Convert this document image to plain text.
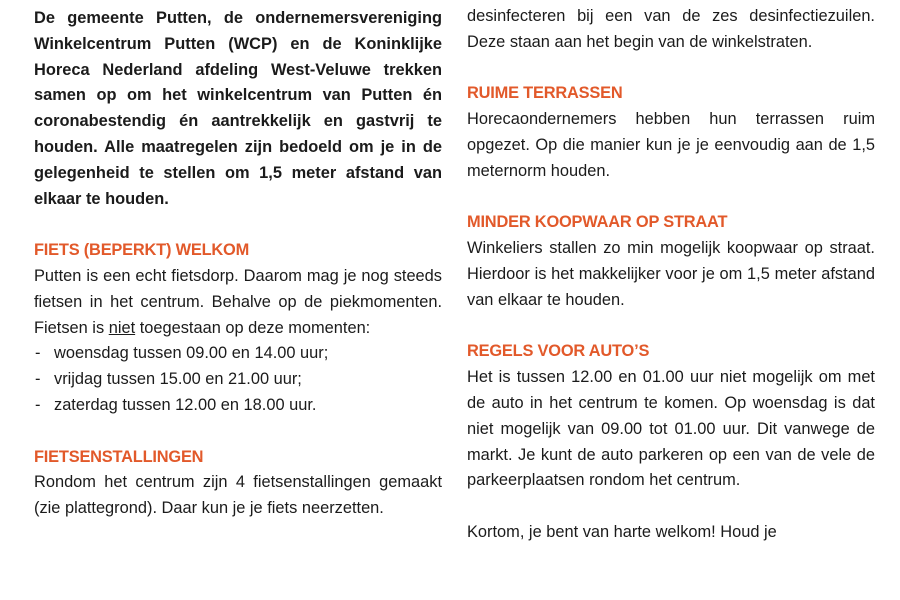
De gemeente Putten, de ondernemersvereniging Winkelcentrum Putten (WCP) en de Koninklijke Horeca Nederland afdeling West-Veluwe trekken samen op om het winkelcentrum van Putten én coronabestendig én aantrekkelijk en gastvrij te houden. Alle maatregelen zijn bedoeld om je in de gelegenheid te stellen om 1,5 meter afstand van elkaar te houden.

FIETS (BEPERKT) WELKOM

Putten is een echt fietsdorp. Daarom mag je nog steeds fietsen in het centrum. Behalve op de piekmomenten. Fietsen is niet toegestaan op deze momenten:

- woensdag tussen 09.00 en 14.00 uur;
- vrijdag tussen 15.00 en 21.00 uur;
- zaterdag tussen 12.00 en 18.00 uur.
FIETSENSTALLINGEN

Rondom het centrum zijn 4 fietsenstallingen gemaakt (zie plattegrond). Daar kun je je fiets neerzetten.

desinfecteren bij een van de zes desinfectiezuilen. Deze staan aan het begin van de winkelstraten.

RUIME TERRASSEN

Horecaondernemers hebben hun terrassen ruim opgezet. Op die manier kun je je eenvoudig aan de 1,5 meternorm houden.

MINDER KOOPWAAR OP STRAAT

Winkeliers stallen zo min mogelijk koopwaar op straat. Hierdoor is het makkelijker voor je om 1,5 meter afstand van elkaar te houden.

REGELS VOOR AUTO’S

Het is tussen 12.00 en 01.00 uur niet mogelijk om met de auto in het centrum te komen. Op woensdag is dat niet mogelijk van 09.00 tot 01.00 uur. Dit vanwege de markt. Je kunt de auto parkeren op een van de vele de parkeerplaatsen rondom het centrum.

Kortom, je bent van harte welkom! Houd je
